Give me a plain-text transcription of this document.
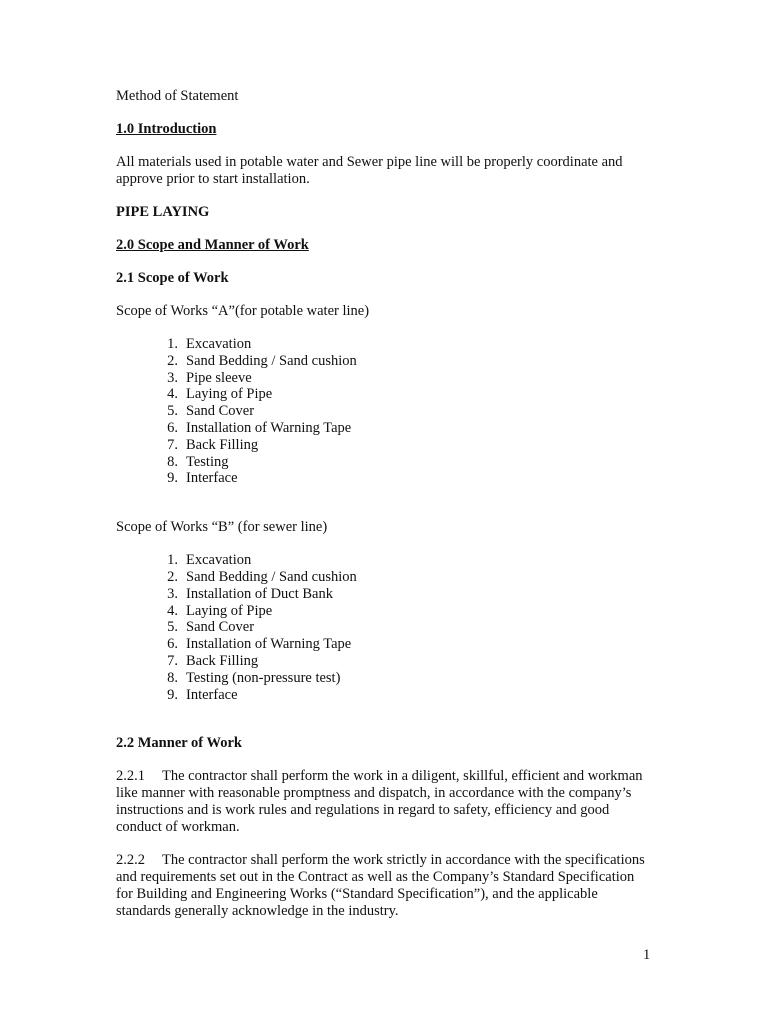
Method of Statement

1.0 Introduction

All materials used in potable water and Sewer pipe line will be properly coordinate and approve prior to start installation.

PIPE LAYING

2.0 Scope and Manner of Work

2.1 Scope of Work

Scope of Works “A”(for potable water line)

1. Excavation
2. Sand Bedding / Sand cushion
3. Pipe sleeve
4. Laying of Pipe
5. Sand Cover
6. Installation of Warning Tape
7. Back Filling
8. Testing
9. Interface

Scope of Works “B” (for sewer line)

1. Excavation
2. Sand Bedding / Sand cushion
3. Installation of Duct Bank
4. Laying of Pipe
5. Sand Cover
6. Installation of Warning Tape
7. Back Filling
8. Testing (non-pressure test)
9. Interface

2.2 Manner of Work

2.2.1 The contractor shall perform the work in a diligent, skillful, efficient and workman like manner with reasonable promptness and dispatch, in accordance with the company’s instructions and is work rules and regulations in regard to safety, efficiency and good conduct of workman.

2.2.2 The contractor shall perform the work strictly in accordance with the specifications and requirements set out in the Contract as well as the Company’s Standard Specification for Building and Engineering Works (“Standard Specification”), and the applicable standards generally acknowledge in the industry.

1
